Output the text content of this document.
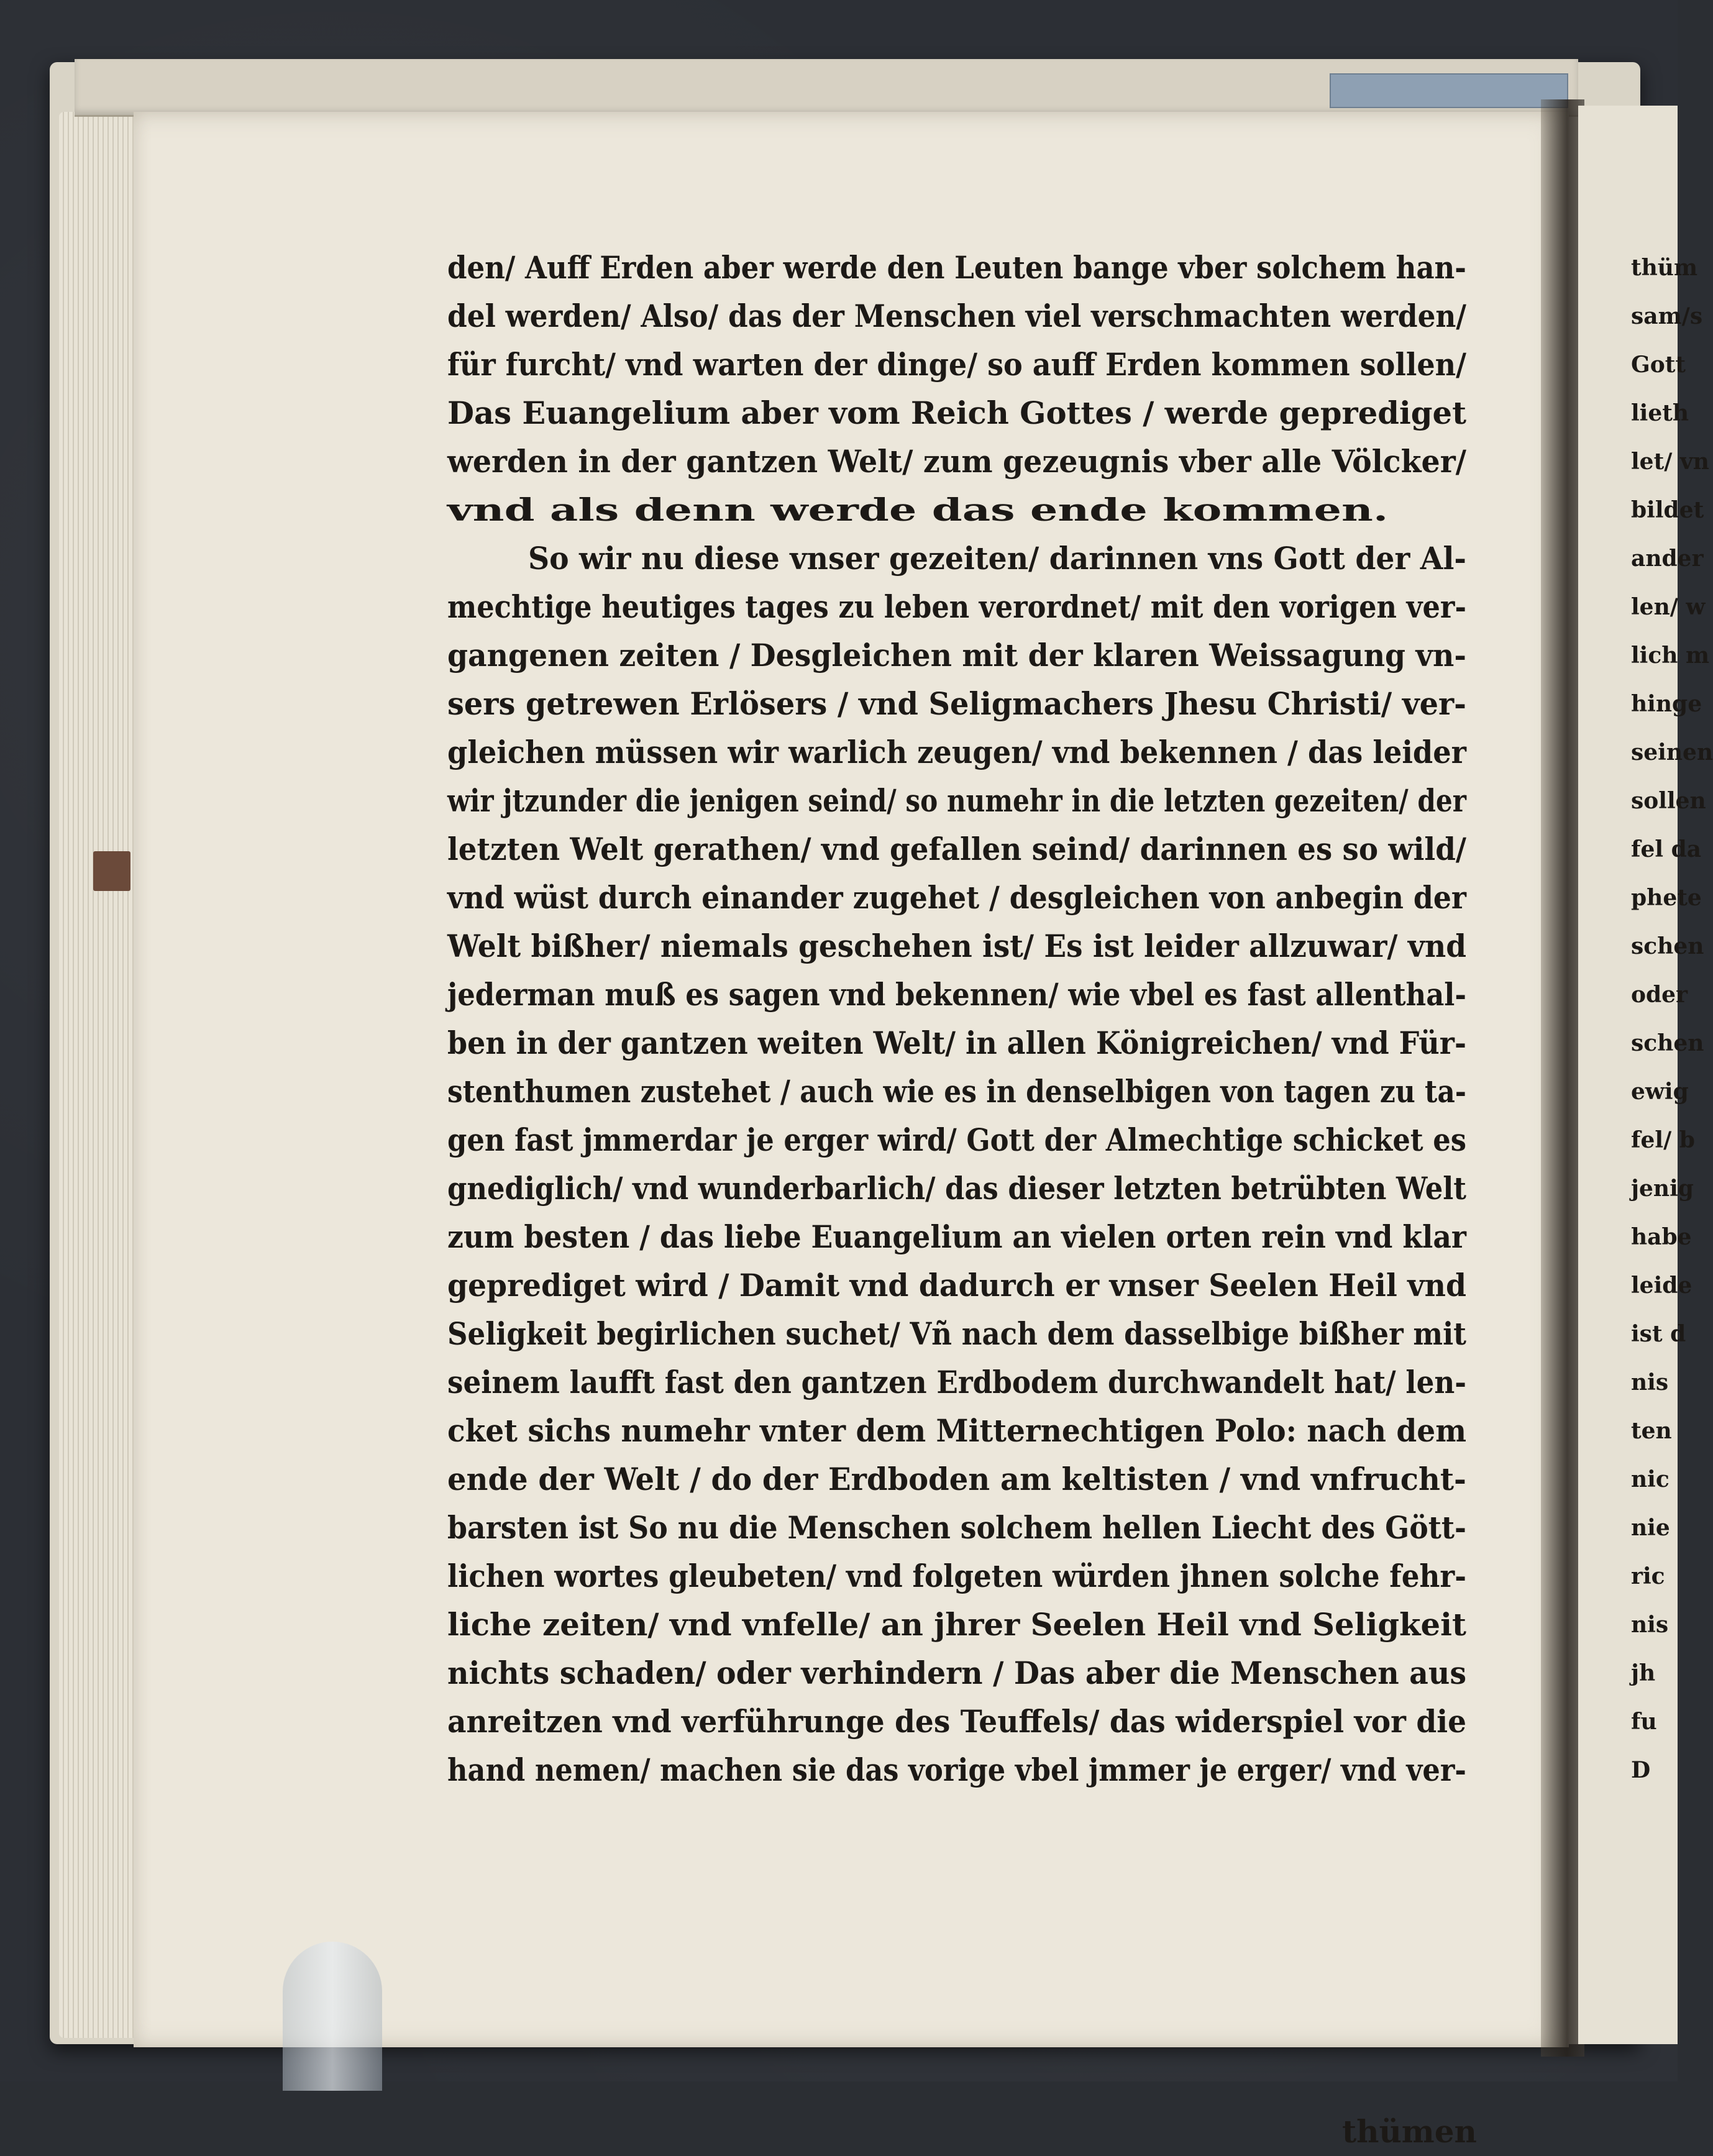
den/ Auff Erden aber werde den Leuten bange vber solchem han-
del werden/ Also/ das der Menschen viel verschmachten werden/
für furcht/ vnd warten der dinge/ so auff Erden kommen sollen/
Das Euangelium aber vom Reich Gottes / werde geprediget
werden in der gantzen Welt/ zum gezeugnis vber alle Völcker/
vnd als denn werde das ende kommen.
So wir nu diese vnser gezeiten/ darinnen vns Gott der Al-
mechtige heutiges tages zu leben verordnet/ mit den vorigen ver-
gangenen zeiten / Desgleichen mit der klaren Weissagung vn-
sers getrewen Erlösers / vnd Seligmachers Jhesu Christi/ ver-
gleichen müssen wir warlich zeugen/ vnd bekennen / das leider
wir jtzunder die jenigen seind/ so numehr in die letzten gezeiten/ der
letzten Welt gerathen/ vnd gefallen seind/ darinnen es so wild/
vnd wüst durch einander zugehet / desgleichen von anbegin der
Welt bißher/ niemals geschehen ist/ Es ist leider allzuwar/ vnd
jederman muß es sagen vnd bekennen/ wie vbel es fast allenthal-
ben in der gantzen weiten Welt/ in allen Königreichen/ vnd Für-
stenthumen zustehet / auch wie es in denselbigen von tagen zu ta-
gen fast jmmerdar je erger wird/ Gott der Almechtige schicket es
gnediglich/ vnd wunderbarlich/ das dieser letzten betrübten Welt
zum besten / das liebe Euangelium an vielen orten rein vnd klar
geprediget wird / Damit vnd dadurch er vnser Seelen Heil vnd
Seligkeit begirlichen suchet/ Vñ nach dem dasselbige bißher mit
seinem laufft fast den gantzen Erdbodem durchwandelt hat/ len-
cket sichs numehr vnter dem Mitternechtigen Polo: nach dem
ende der Welt / do der Erdboden am keltisten / vnd vnfrucht-
barsten ist So nu die Menschen solchem hellen Liecht des Gött-
lichen wortes gleubeten/ vnd folgeten würden jhnen solche fehr-
liche zeiten/ vnd vnfelle/ an jhrer Seelen Heil vnd Seligkeit
nichts schaden/ oder verhindern / Das aber die Menschen aus
anreitzen vnd verführunge des Teuffels/ das widerspiel vor die
hand nemen/ machen sie das vorige vbel jmmer je erger/ vnd ver-
thüm
sam/s
Gott
lieth
let/ vn
bildet
ander
len/ w
lich m
hinge
seinen
sollen
fel da
phete
schen
oder
schen
ewig
fel/ b
jenig
habe
leide
ist d
nis
ten
nic
nie
ric
nis
jh
fu
D
thümen
